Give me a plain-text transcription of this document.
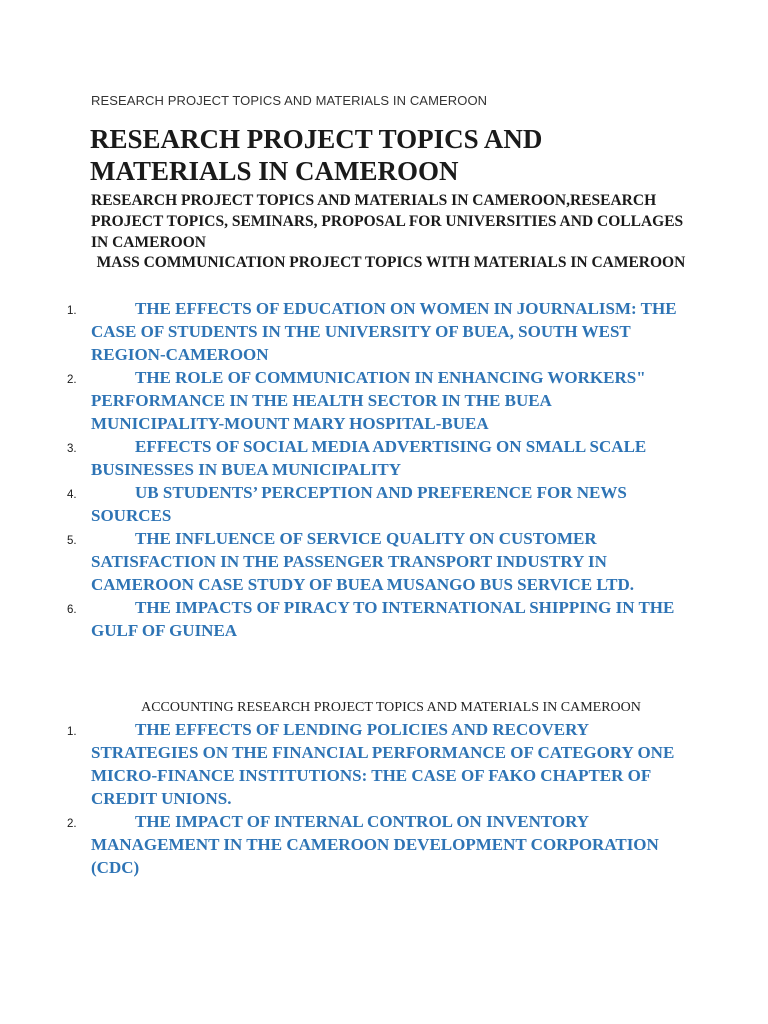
RESEARCH PROJECT TOPICS AND MATERIALS IN CAMEROON
RESEARCH PROJECT TOPICS AND MATERIALS IN CAMEROON
RESEARCH PROJECT TOPICS AND MATERIALS IN CAMEROON,RESEARCH PROJECT TOPICS, SEMINARS, PROPOSAL FOR UNIVERSITIES AND COLLAGES IN CAMEROON
MASS COMMUNICATION PROJECT TOPICS WITH MATERIALS IN CAMEROON
1.	THE EFFECTS OF EDUCATION ON WOMEN IN JOURNALISM: THE CASE OF STUDENTS IN THE UNIVERSITY OF BUEA, SOUTH WEST REGION-CAMEROON
2.	THE ROLE OF COMMUNICATION IN ENHANCING WORKERS" PERFORMANCE IN THE HEALTH SECTOR IN THE BUEA MUNICIPALITY-MOUNT MARY HOSPITAL-BUEA
3.	EFFECTS OF SOCIAL MEDIA ADVERTISING ON SMALL SCALE BUSINESSES IN BUEA MUNICIPALITY
4.	UB STUDENTS’ PERCEPTION AND PREFERENCE FOR NEWS SOURCES
5.	THE INFLUENCE OF SERVICE QUALITY ON CUSTOMER SATISFACTION IN THE PASSENGER TRANSPORT INDUSTRY IN CAMEROON CASE STUDY OF BUEA MUSANGO BUS SERVICE LTD.
6.	THE IMPACTS OF PIRACY TO INTERNATIONAL SHIPPING IN THE GULF OF GUINEA
ACCOUNTING RESEARCH PROJECT TOPICS AND MATERIALS IN CAMEROON
1.	THE EFFECTS OF LENDING POLICIES AND RECOVERY STRATEGIES ON THE FINANCIAL PERFORMANCE OF CATEGORY ONE MICRO-FINANCE INSTITUTIONS: THE CASE OF FAKO CHAPTER OF CREDIT UNIONS.
2.	THE IMPACT OF INTERNAL CONTROL ON INVENTORY MANAGEMENT IN THE CAMEROON DEVELOPMENT CORPORATION (CDC)
